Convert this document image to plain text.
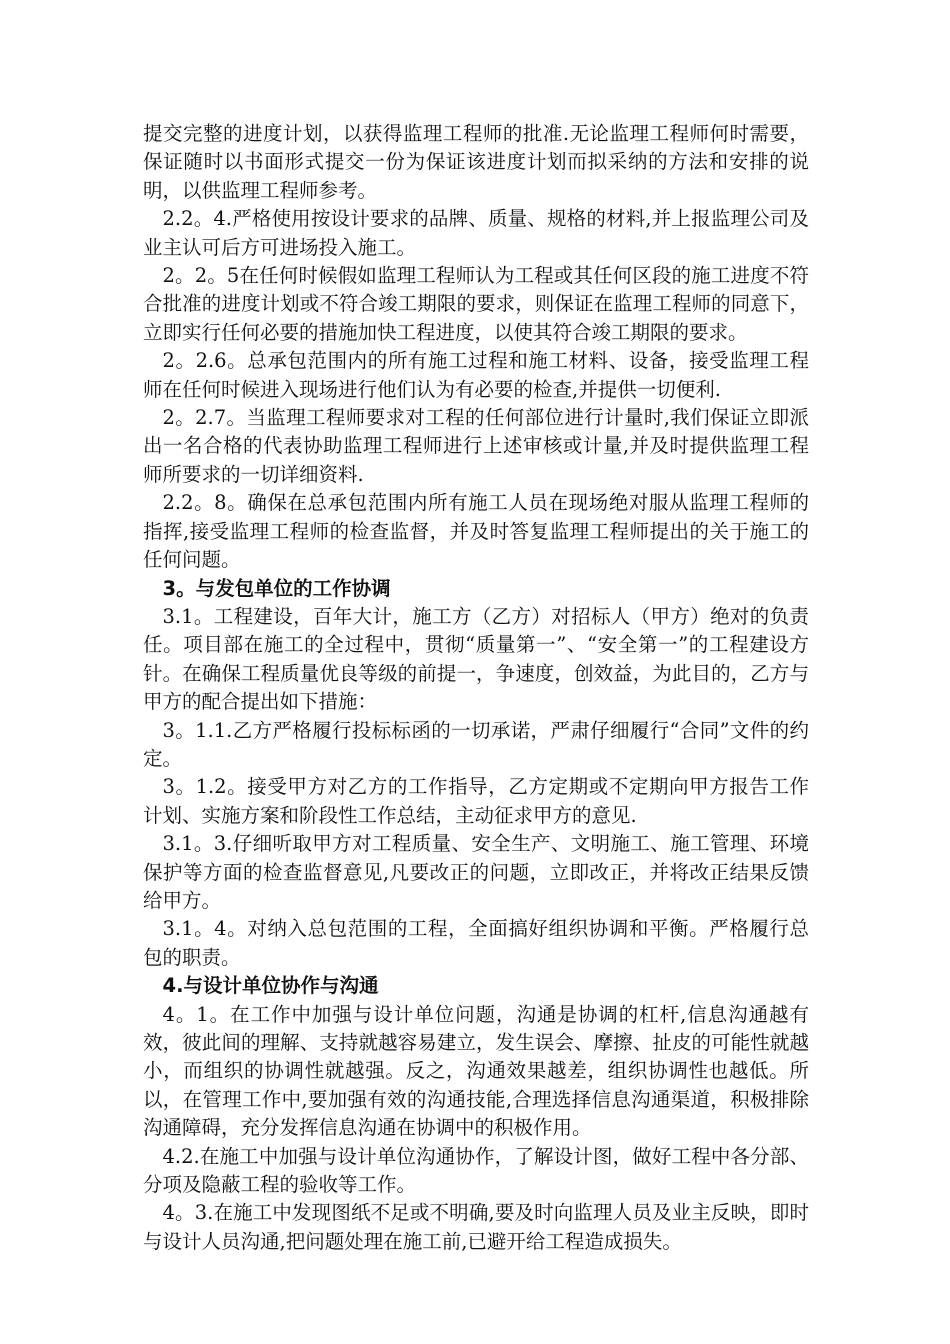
提交完整的进度计划，以获得监理工程师的批准.无论监理工程师何时需要，保证随时以书面形式提交一份为保证该进度计划而拟采纳的方法和安排的说明，以供监理工程师参考。

2.2。4.严格使用按设计要求的品牌、质量、规格的材料,并上报监理公司及业主认可后方可进场投入施工。

2。2。5在任何时候假如监理工程师认为工程或其任何区段的施工进度不符合批准的进度计划或不符合竣工期限的要求，则保证在监理工程师的同意下，立即实行任何必要的措施加快工程进度，以使其符合竣工期限的要求。

2。2.6。总承包范围内的所有施工过程和施工材料、设备，接受监理工程师在任何时候进入现场进行他们认为有必要的检查,并提供一切便利.

2。2.7。当监理工程师要求对工程的任何部位进行计量时,我们保证立即派出一名合格的代表协助监理工程师进行上述审核或计量,并及时提供监理工程师所要求的一切详细资料.

2.2。8。确保在总承包范围内所有施工人员在现场绝对服从监理工程师的指挥,接受监理工程师的检查监督，并及时答复监理工程师提出的关于施工的任何问题。

3。与发包单位的工作协调

3.1。工程建设，百年大计，施工方（乙方）对招标人（甲方）绝对的负责任。项目部在施工的全过程中，贯彻“质量第一”、“安全第一”的工程建设方针。在确保工程质量优良等级的前提一，争速度，创效益，为此目的，乙方与甲方的配合提出如下措施：

3。1.1.乙方严格履行投标标函的一切承诺，严肃仔细履行“合同”文件的约定。

3。1.2。接受甲方对乙方的工作指导，乙方定期或不定期向甲方报告工作计划、实施方案和阶段性工作总结，主动征求甲方的意见.

3.1。3.仔细听取甲方对工程质量、安全生产、文明施工、施工管理、环境保护等方面的检查监督意见,凡要改正的问题，立即改正，并将改正结果反馈给甲方。

3.1。4。对纳入总包范围的工程，全面搞好组织协调和平衡。严格履行总包的职责。

4.与设计单位协作与沟通

4。1。在工作中加强与设计单位问题，沟通是协调的杠杆,信息沟通越有效，彼此间的理解、支持就越容易建立，发生误会、摩擦、扯皮的可能性就越小，而组织的协调性就越强。反之，沟通效果越差，组织协调性也越低。所以，在管理工作中,要加强有效的沟通技能,合理选择信息沟通渠道，积极排除沟通障碍，充分发挥信息沟通在协调中的积极作用。

4.2.在施工中加强与设计单位沟通协作，了解设计图，做好工程中各分部、分项及隐蔽工程的验收等工作。

4。3.在施工中发现图纸不足或不明确,要及时向监理人员及业主反映，即时与设计人员沟通,把问题处理在施工前,已避开给工程造成损失。
